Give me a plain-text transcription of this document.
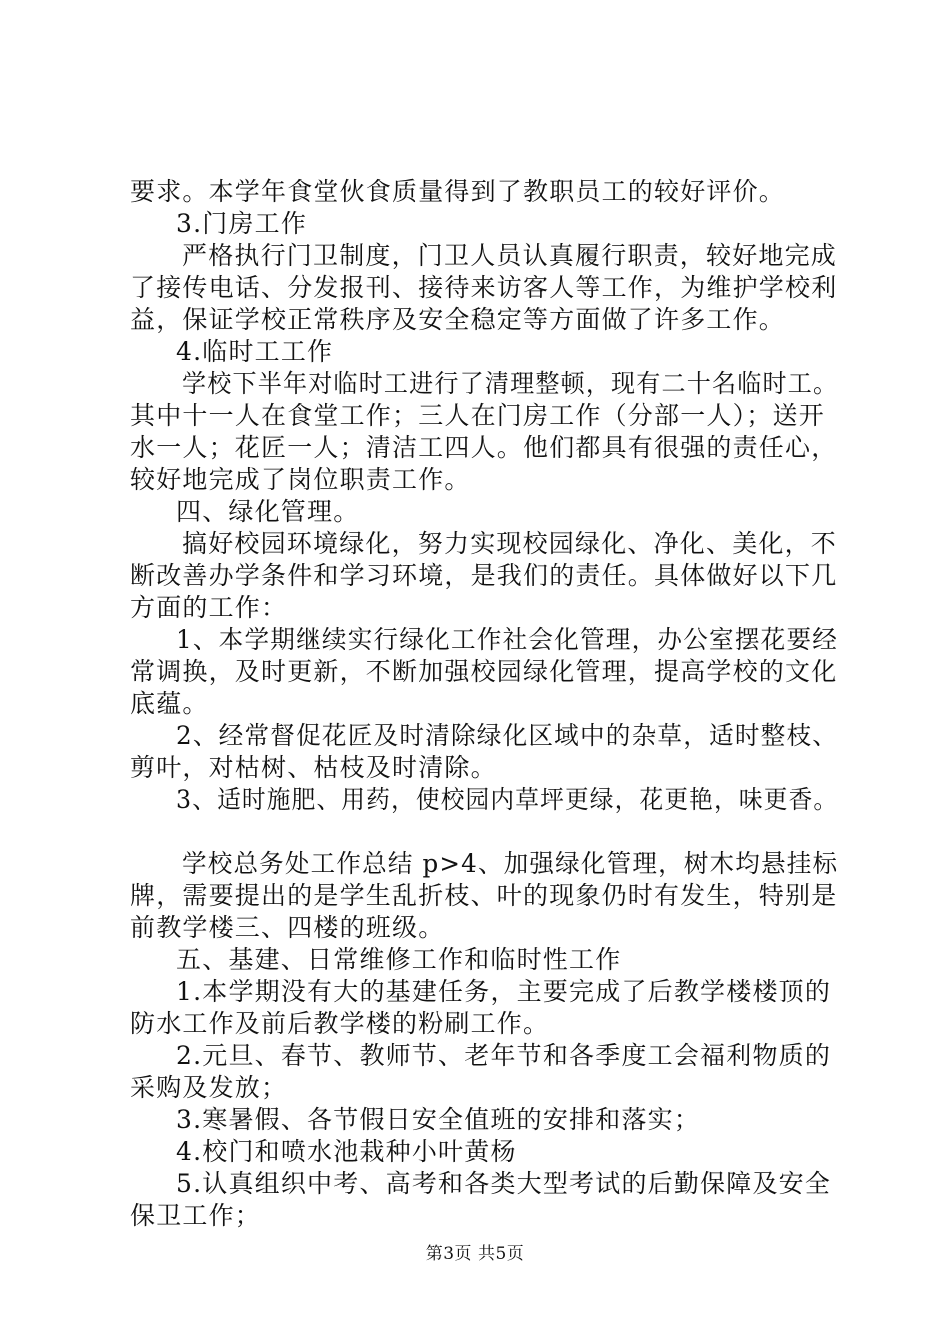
要求。本学年食堂伙食质量得到了教职员工的较好评价。
3.门房工作
严格执行门卫制度，门卫人员认真履行职责，较好地完成
了接传电话、分发报刊、接待来访客人等工作，为维护学校利
益，保证学校正常秩序及安全稳定等方面做了许多工作。
4.临时工工作
学校下半年对临时工进行了清理整顿，现有二十名临时工。
其中十一人在食堂工作；三人在门房工作（分部一人）；送开
水一人；花匠一人；清洁工四人。他们都具有很强的责任心，
较好地完成了岗位职责工作。
四、绿化管理。
搞好校园环境绿化，努力实现校园绿化、净化、美化，不
断改善办学条件和学习环境，是我们的责任。具体做好以下几
方面的工作：
1、本学期继续实行绿化工作社会化管理，办公室摆花要经
常调换，及时更新，不断加强校园绿化管理，提高学校的文化
底蕴。
2、经常督促花匠及时清除绿化区域中的杂草，适时整枝、
剪叶，对枯树、枯枝及时清除。
3、适时施肥、用药，使校园内草坪更绿，花更艳，味更香。
学校总务处工作总结 p>4、加强绿化管理，树木均悬挂标
牌，需要提出的是学生乱折枝、叶的现象仍时有发生，特别是
前教学楼三、四楼的班级。
五、基建、日常维修工作和临时性工作
1.本学期没有大的基建任务，主要完成了后教学楼楼顶的
防水工作及前后教学楼的粉刷工作。
2.元旦、春节、教师节、老年节和各季度工会福利物质的
采购及发放；
3.寒暑假、各节假日安全值班的安排和落实；
4.校门和喷水池栽种小叶黄杨
5.认真组织中考、高考和各类大型考试的后勤保障及安全
保卫工作；
第3页 共5页
